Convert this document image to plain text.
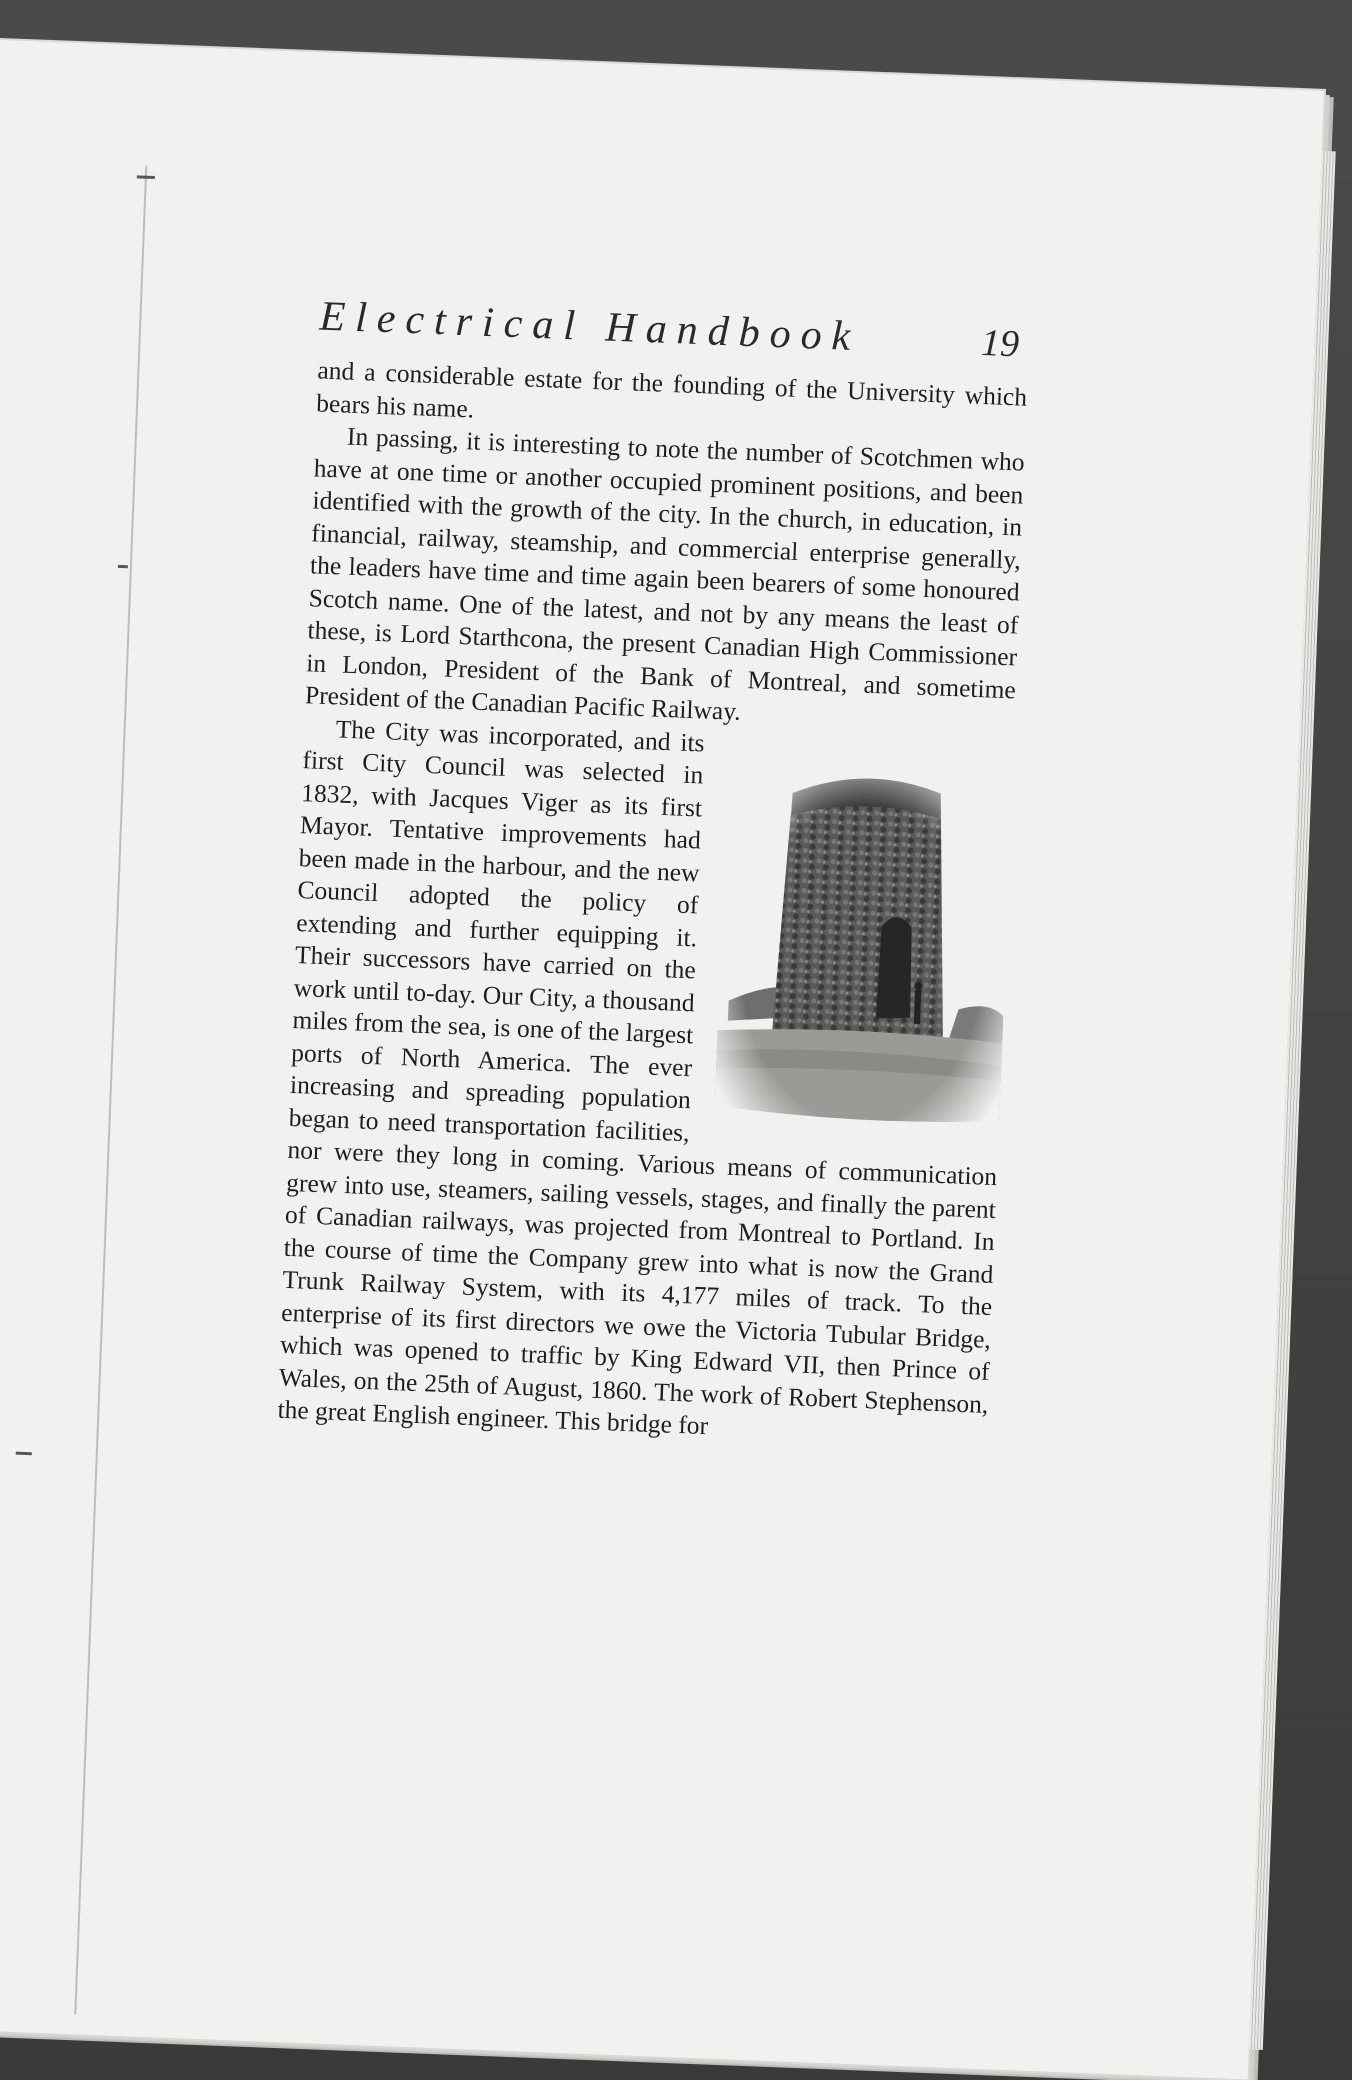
Electrical Handbook	19

and a considerable estate for the founding of the University which bears his name.

In passing, it is interesting to note the number of Scotchmen who have at one time or another occupied prominent positions, and been identified with the growth of the city. In the church, in education, in financial, railway, steamship, and commercial enterprise generally, the leaders have time and time again been bearers of some honoured Scotch name. One of the latest, and not by any means the least of these, is Lord Starthcona, the present Canadian High Commissioner in London, President of the Bank of Montreal, and sometime President of the Canadian Pacific Railway.

The City was incorporated, and its first City Council was selected in 1832, with Jacques Viger as its first Mayor. Tentative improvements had been made in the harbour, and the new Council adopted the policy of extending and further equipping it. Their successors have carried on the work until to-day. Our City, a thousand miles from the sea, is one of the largest ports of North America. The ever increasing and spreading population began to need transportation facilities, nor were they long in coming. Various means of communication grew into use, steamers, sailing vessels, stages, and finally the parent of Canadian railways, was projected from Montreal to Portland. In the course of time the Company grew into what is now the Grand Trunk Railway System, with its 4,177 miles of track. To the enterprise of its first directors we owe the Victoria Tubular Bridge, which was opened to traffic by King Edward VII, then Prince of Wales, on the 25th of August, 1860. The work of Robert Stephenson, the great English engineer. This bridge for
